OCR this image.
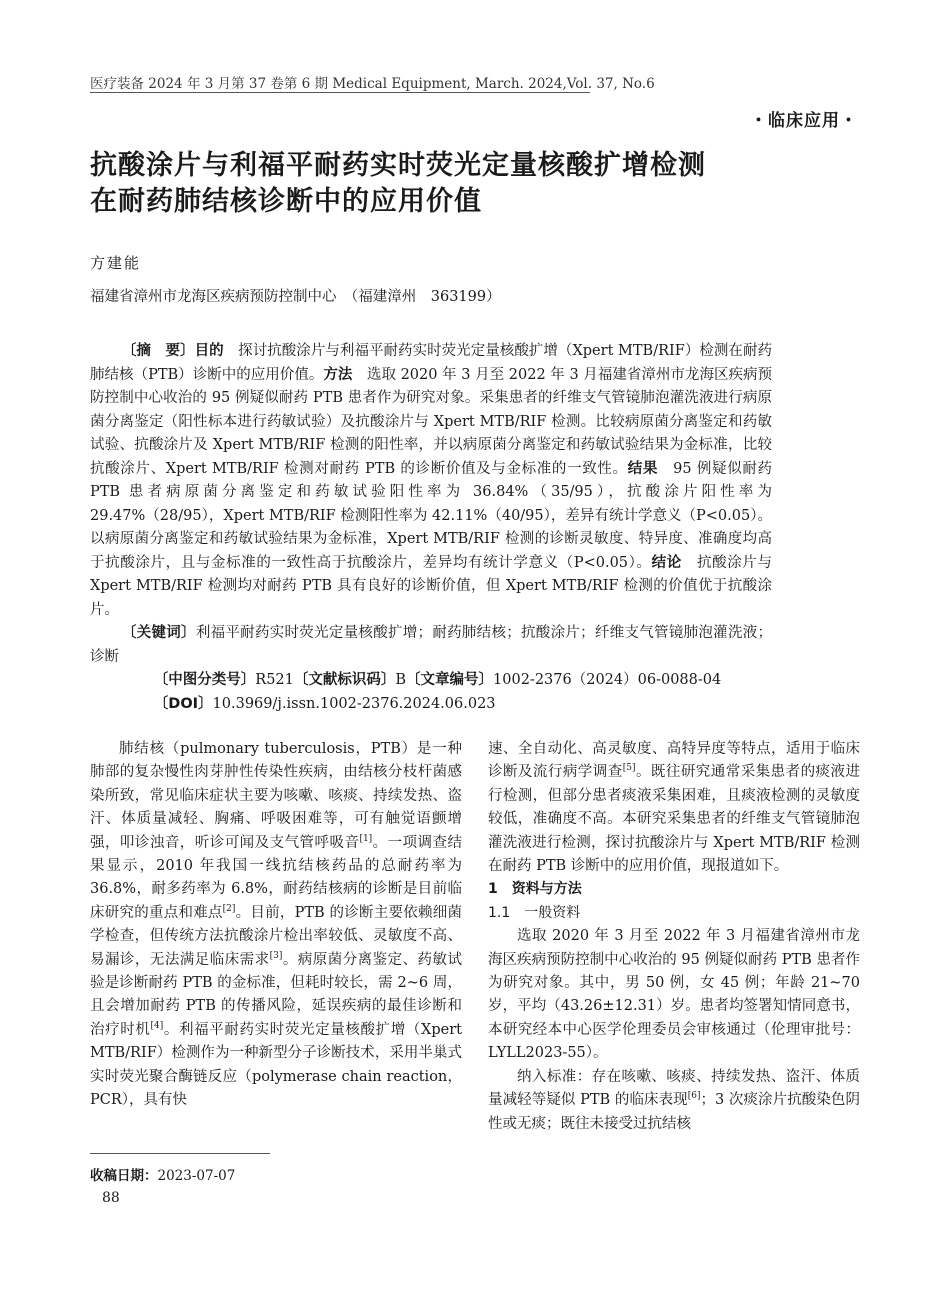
医疗装备 2024 年 3 月第 37 卷第 6 期 Medical Equipment, March. 2024,Vol. 37, No.6
・临床应用・
抗酸涂片与利福平耐药实时荧光定量核酸扩增检测
在耐药肺结核诊断中的应用价值
方建能
福建省漳州市龙海区疾病预防控制中心　（福建漳州　363199）

〔摘　要〕目的　探讨抗酸涂片与利福平耐药实时荧光定量核酸扩增（Xpert MTB/RIF）检测在耐药肺结核（PTB）诊断中的应用价值。方法　选取 2020 年 3 月至 2022 年 3 月福建省漳州市龙海区疾病预防控制中心收治的 95 例疑似耐药 PTB 患者作为研究对象。采集患者的纤维支气管镜肺泡灌洗液进行病原菌分离鉴定（阳性标本进行药敏试验）及抗酸涂片与 Xpert MTB/RIF 检测。比较病原菌分离鉴定和药敏试验、抗酸涂片及 Xpert MTB/RIF 检测的阳性率，并以病原菌分离鉴定和药敏试验结果为金标准，比较抗酸涂片、Xpert MTB/RIF 检测对耐药 PTB 的诊断价值及与金标准的一致性。结果　95 例疑似耐药 PTB 患者病原菌分离鉴定和药敏试验阳性率为 36.84%（35/95），抗酸涂片阳性率为 29.47%（28/95），Xpert MTB/RIF 检测阳性率为 42.11%（40/95），差异有统计学意义（P<0.05）。以病原菌分离鉴定和药敏试验结果为金标准，Xpert MTB/RIF 检测的诊断灵敏度、特异度、准确度均高于抗酸涂片，且与金标准的一致性高于抗酸涂片，差异均有统计学意义（P<0.05）。结论　抗酸涂片与 Xpert MTB/RIF 检测均对耐药 PTB 具有良好的诊断价值，但 Xpert MTB/RIF 检测的价值优于抗酸涂片。

〔关键词〕利福平耐药实时荧光定量核酸扩增；耐药肺结核；抗酸涂片；纤维支气管镜肺泡灌洗液；诊断

〔中图分类号〕R521〔文献标识码〕B〔文章编号〕1002-2376（2024）06-0088-04

〔DOI〕10.3969/j.issn.1002-2376.2024.06.023

肺结核（pulmonary tuberculosis，PTB）是一种肺部的复杂慢性肉芽肿性传染性疾病，由结核分枝杆菌感染所致，常见临床症状主要为咳嗽、咳痰、持续发热、盗汗、体质量减轻、胸痛、呼吸困难等，可有触觉语颤增强，叩诊浊音，听诊可闻及支气管呼吸音[1]。一项调查结果显示，2010 年我国一线抗结核药品的总耐药率为 36.8%，耐多药率为 6.8%，耐药结核病的诊断是目前临床研究的重点和难点[2]。目前，PTB 的诊断主要依赖细菌学检查，但传统方法抗酸涂片检出率较低、灵敏度不高、易漏诊，无法满足临床需求[3]。病原菌分离鉴定、药敏试验是诊断耐药 PTB 的金标准，但耗时较长，需 2~6 周，且会增加耐药 PTB 的传播风险，延误疾病的最佳诊断和治疗时机[4]。利福平耐药实时荧光定量核酸扩增（Xpert MTB/RIF）检测作为一种新型分子诊断技术，采用半巢式实时荧光聚合酶链反应（polymerase chain reaction，PCR），具有快

速、全自动化、高灵敏度、高特异度等特点，适用于临床诊断及流行病学调查[5]。既往研究通常采集患者的痰液进行检测，但部分患者痰液采集困难，且痰液检测的灵敏度较低，准确度不高。本研究采集患者的纤维支气管镜肺泡灌洗液进行检测，探讨抗酸涂片与 Xpert MTB/RIF 检测在耐药 PTB 诊断中的应用价值，现报道如下。

1　资料与方法

1.1　一般资料

选取 2020 年 3 月至 2022 年 3 月福建省漳州市龙海区疾病预防控制中心收治的 95 例疑似耐药 PTB 患者作为研究对象。其中，男 50 例，女 45 例；年龄 21~70 岁，平均（43.26±12.31）岁。患者均签署知情同意书，本研究经本中心医学伦理委员会审核通过（伦理审批号：LYLL2023-55）。

纳入标准：存在咳嗽、咳痰、持续发热、盗汗、体质量减轻等疑似 PTB 的临床表现[6]；3 次痰涂片抗酸染色阴性或无痰；既往未接受过抗结核

收稿日期：2023-07-07
88
